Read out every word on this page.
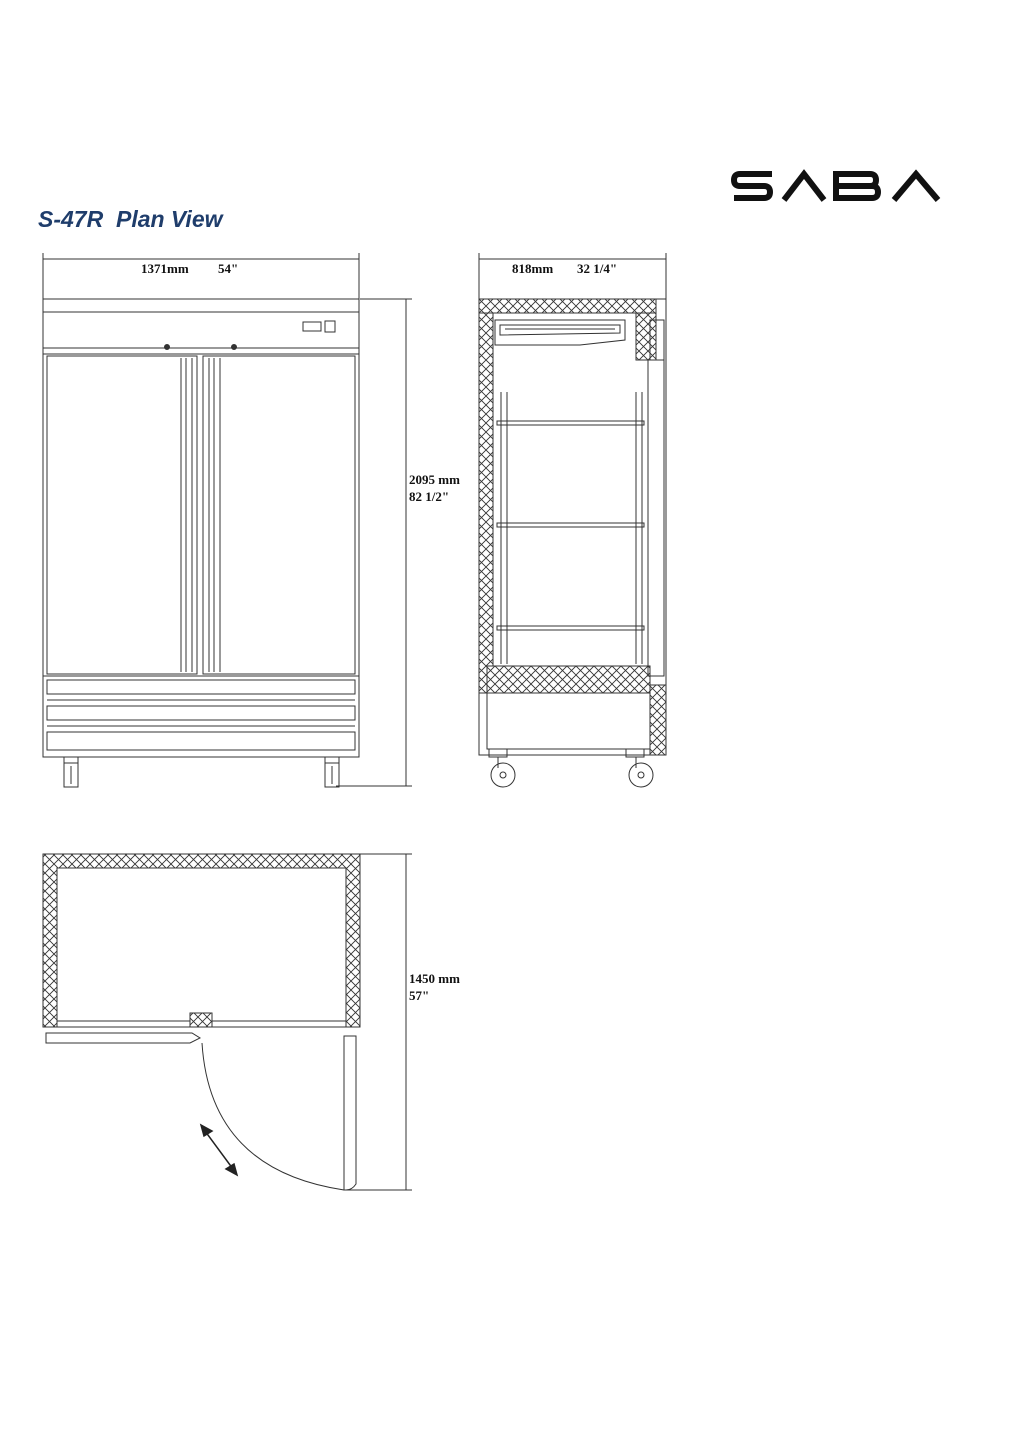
S-47R  Plan View
1371mm 54"	818mm 32 1/4"
2095 mm
82 1/2"
1450 mm
57"
